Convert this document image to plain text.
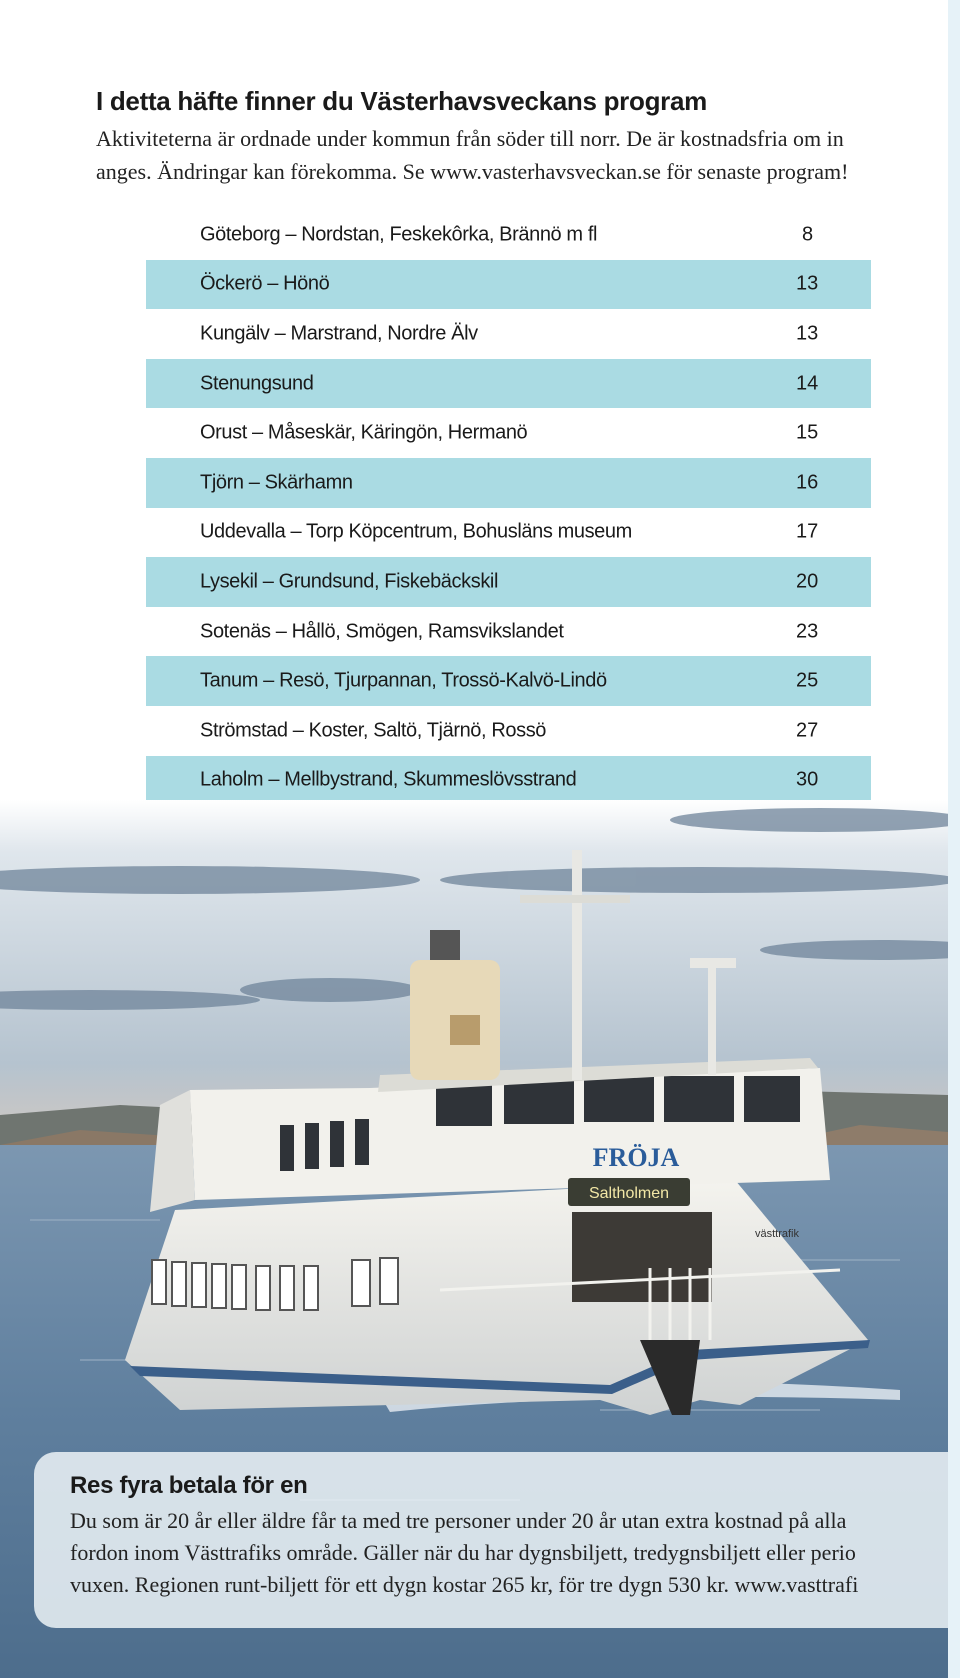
I detta häfte finner du Västerhavsveckans program

Aktiviteterna är ordnade under kommun från söder till norr. De är kostnadsfria om in
anges. Ändringar kan förekomma. Se www.vasterhavsveckan.se för senaste program!

Göteborg – Nordstan, Feskekôrka, Brännö m fl	8
Öckerö – Hönö	13
Kungälv – Marstrand, Nordre Älv	13
Stenungsund	14
Orust – Måseskär, Käringön, Hermanö	15
Tjörn – Skärhamn	16
Uddevalla – Torp Köpcentrum, Bohusläns museum	17
Lysekil – Grundsund, Fiskebäckskil	20
Sotenäs – Hållö, Smögen, Ramsvikslandet	23
Tanum – Resö, Tjurpannan, Trossö-Kalvö-Lindö	25
Strömstad – Koster, Saltö, Tjärnö, Rossö	27
Laholm – Mellbystrand, Skummeslövsstrand	30
Saltholmen
FRÖJA
västtrafik
Res fyra betala för en

Du som är 20 år eller äldre får ta med tre personer under 20 år utan extra kostnad på alla
fordon inom Västtrafiks område. Gäller när du har dygnsbiljett, tredygnsbiljett eller perio
vuxen. Regionen runt-biljett för ett dygn kostar 265 kr, för tre dygn 530 kr. www.vasttrafi
